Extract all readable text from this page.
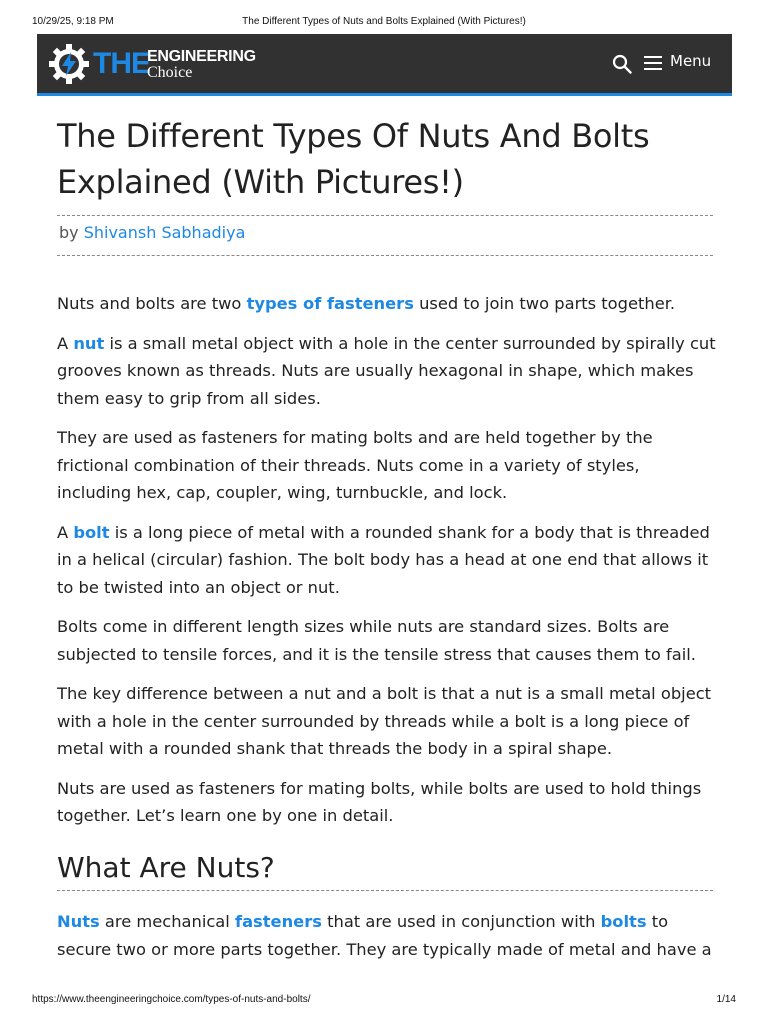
10/29/25, 9:18 PM	The Different Types of Nuts and Bolts Explained (With Pictures!)
THE
ENGINEERING
Choice
Menu
The Different Types Of Nuts And Bolts Explained (With Pictures!)
by Shivansh Sabhadiya

Nuts and bolts are two types of fasteners used to join two parts together.

A nut is a small metal object with a hole in the center surrounded by spirally cut grooves known as threads. Nuts are usually hexagonal in shape, which makes them easy to grip from all sides.

They are used as fasteners for mating bolts and are held together by the frictional combination of their threads. Nuts come in a variety of styles, including hex, cap, coupler, wing, turnbuckle, and lock.

A bolt is a long piece of metal with a rounded shank for a body that is threaded in a helical (circular) fashion. The bolt body has a head at one end that allows it to be twisted into an object or nut.

Bolts come in different length sizes while nuts are standard sizes. Bolts are subjected to tensile forces, and it is the tensile stress that causes them to fail.

The key difference between a nut and a bolt is that a nut is a small metal object with a hole in the center surrounded by threads while a bolt is a long piece of metal with a rounded shank that threads the body in a spiral shape.

Nuts are used as fasteners for mating bolts, while bolts are used to hold things together. Let’s learn one by one in detail.

What Are Nuts?

Nuts are mechanical fasteners that are used in conjunction with bolts to secure two or more parts together. They are typically made of metal and have a

https://www.theengineeringchoice.com/types-of-nuts-and-bolts/	1/14
